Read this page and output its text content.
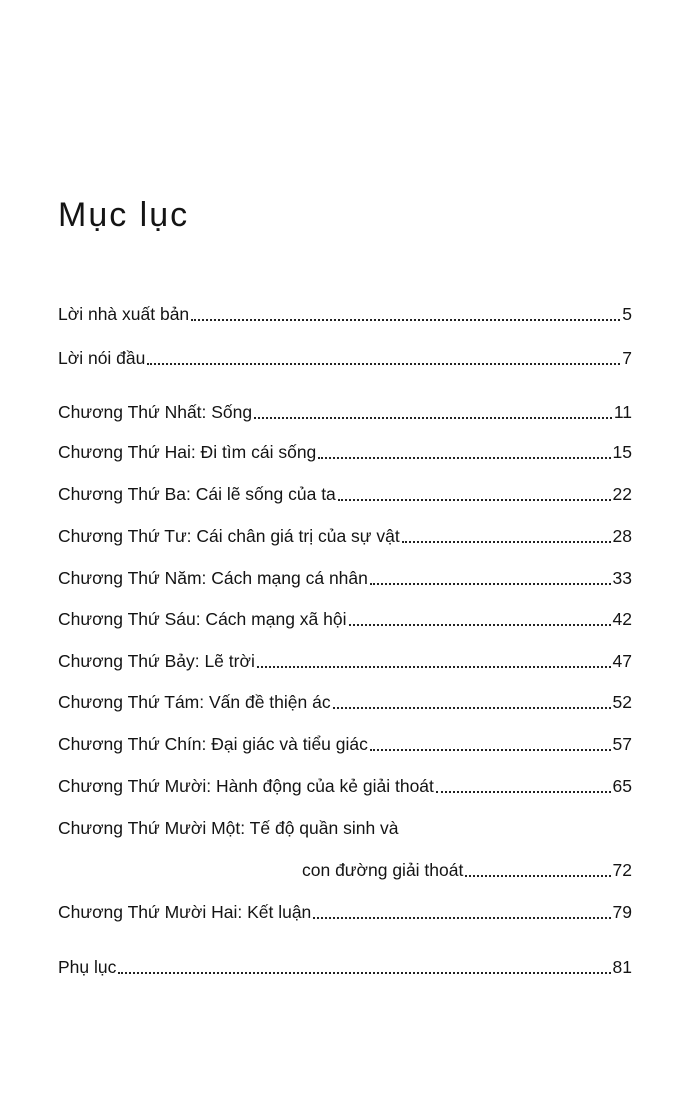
Mục lục
Lời nhà xuất bản	5
Lời nói đầu	7
Chương Thứ Nhất: Sống	11
Chương Thứ Hai: Đi tìm cái sống	15
Chương Thứ Ba: Cái lẽ sống của ta	22
Chương Thứ Tư: Cái chân giá trị của sự vật	28
Chương Thứ Năm: Cách mạng cá nhân	33
Chương Thứ Sáu: Cách mạng xã hội	42
Chương Thứ Bảy: Lẽ trời	47
Chương Thứ Tám: Vấn đề thiện ác	52
Chương Thứ Chín: Đại giác và tiểu giác	57
Chương Thứ Mười: Hành động của kẻ giải thoát	65
Chương Thứ Mười Một: Tế độ quần sinh và
con đường giải thoát	72
Chương Thứ Mười Hai: Kết luận	79
Phụ lục	81
